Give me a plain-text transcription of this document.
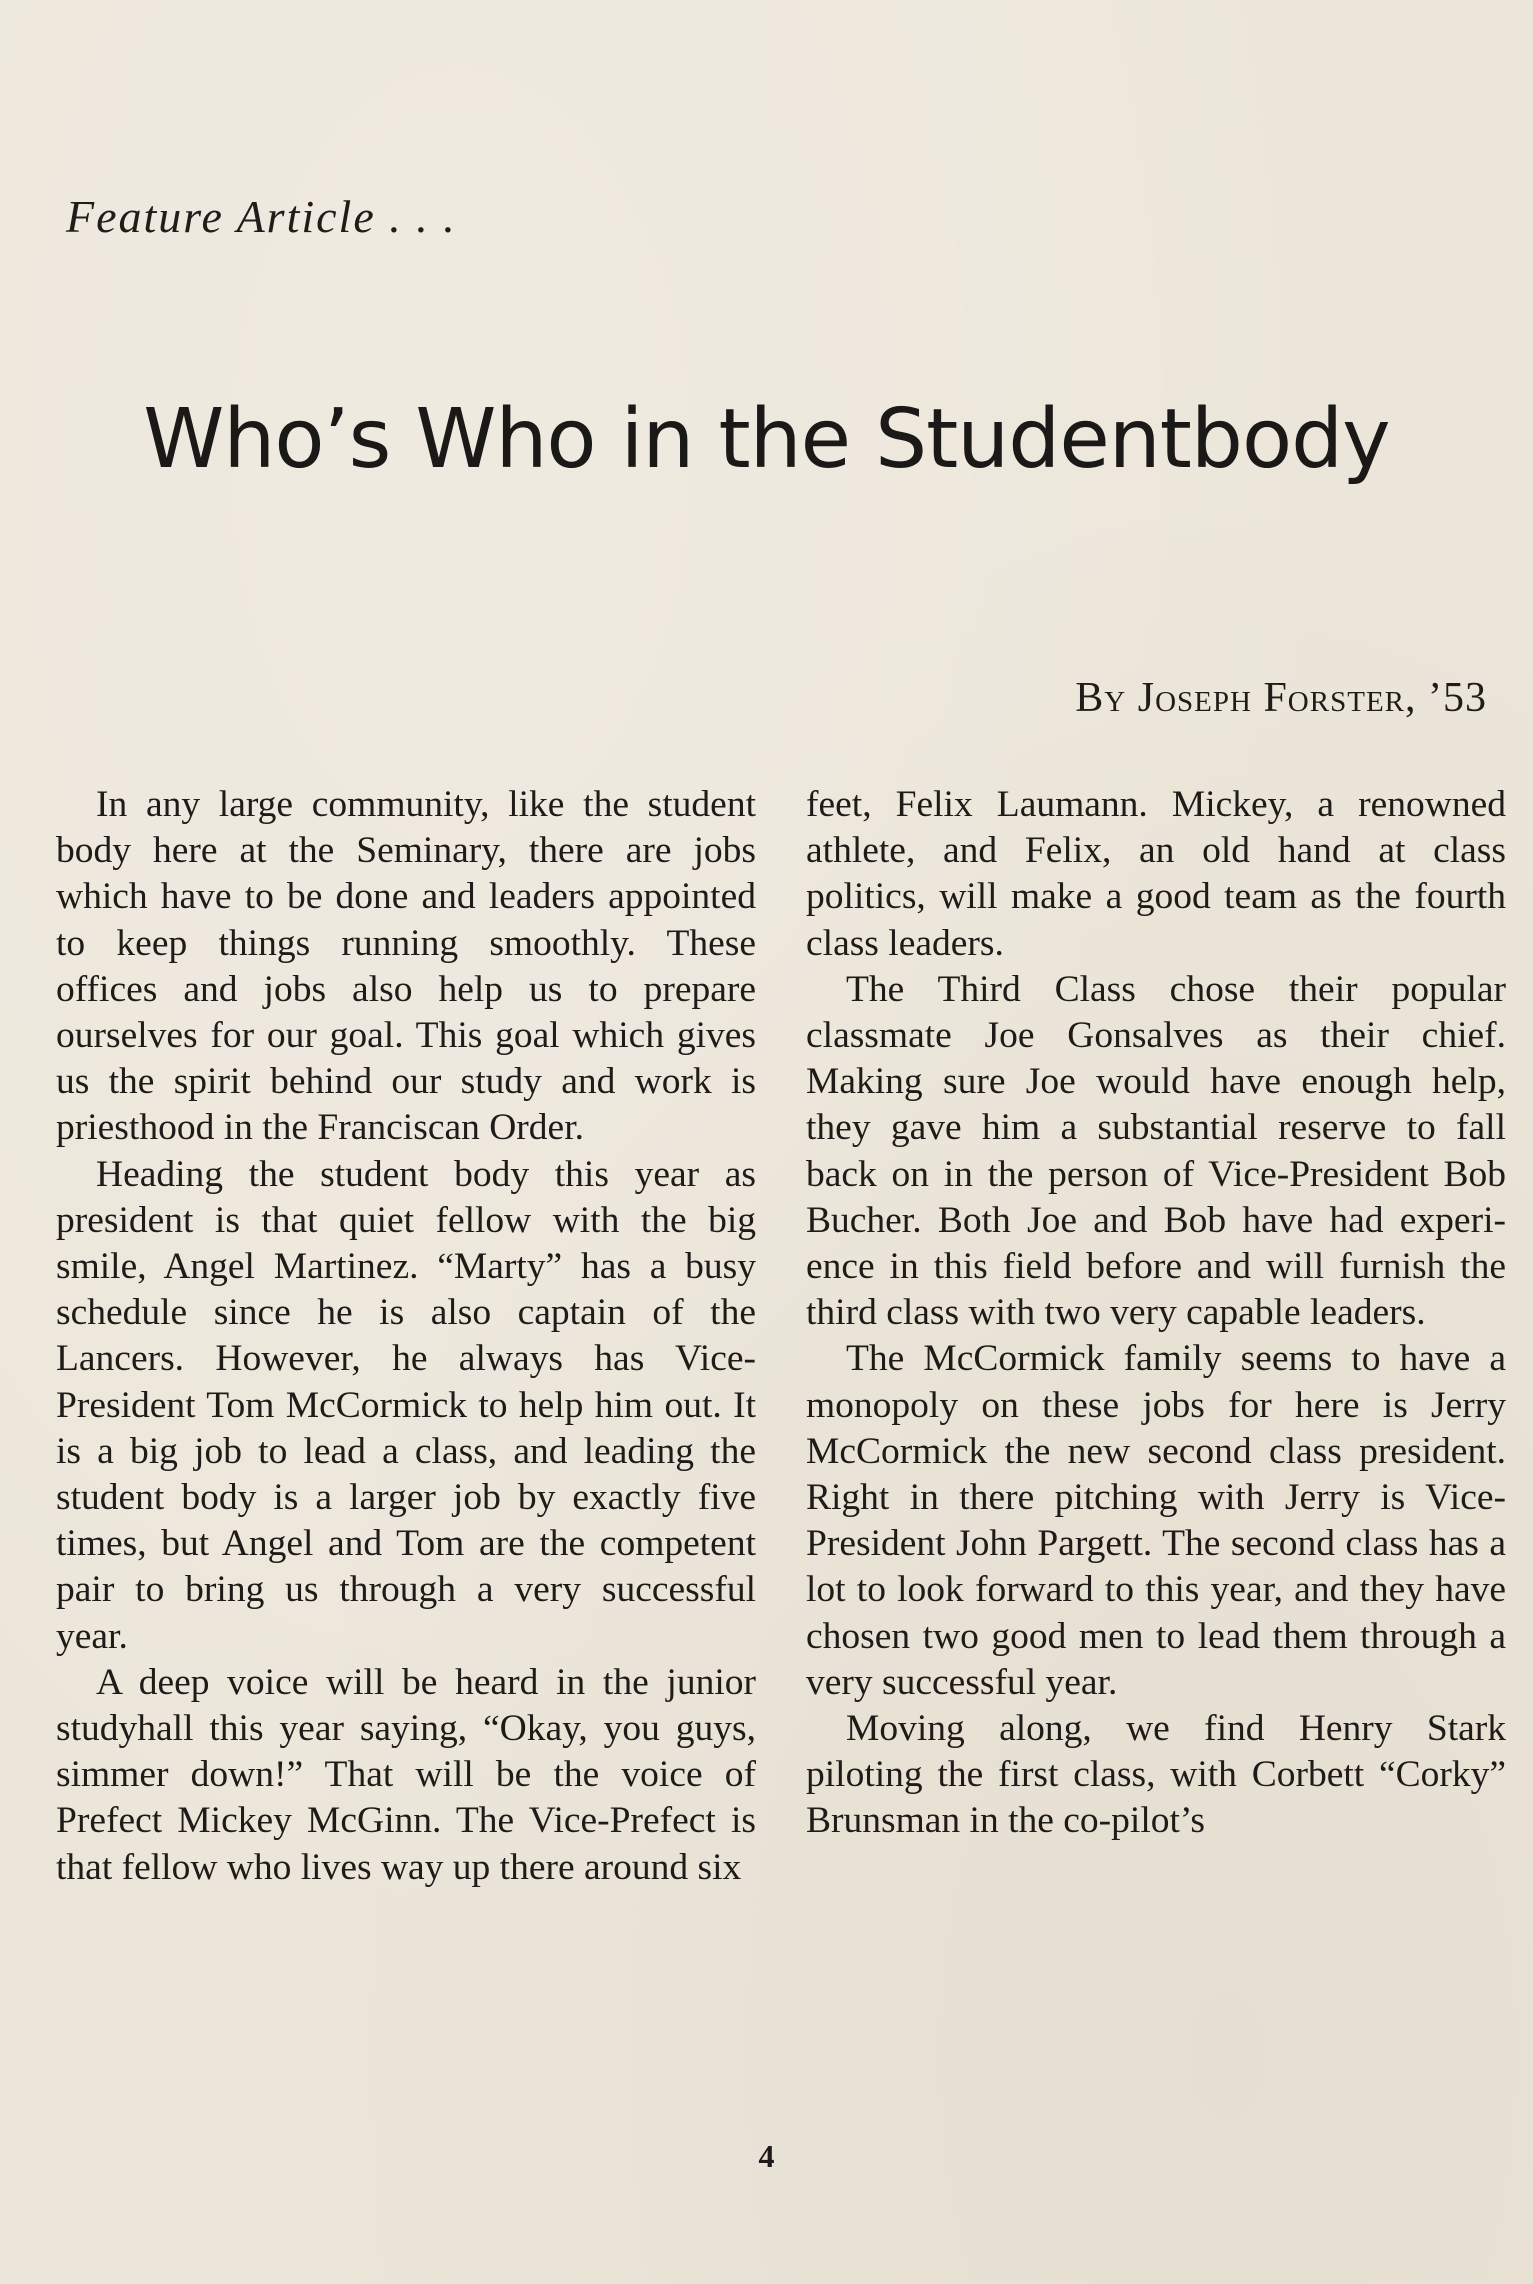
Feature Article . . .
Who’s Who in the Studentbody
By Joseph Forster, ’53

In any large community, like the student body here at the Seminary, there are jobs which have to be done and leaders appointed to keep things running smoothly. These offices and jobs also help us to prepare ourselves for our goal. This goal which gives us the spirit behind our study and work is priesthood in the Franciscan Order.

Heading the student body this year as president is that quiet fellow with the big smile, Angel Martinez. “Marty” has a busy schedule since he is also captain of the Lancers. However, he always has Vice-President Tom McCormick to help him out. It is a big job to lead a class, and leading the student body is a larger job by exactly five times, but Angel and Tom are the competent pair to bring us through a very successful year.

A deep voice will be heard in the junior studyhall this year saying, “Okay, you guys, simmer down!” That will be the voice of Prefect Mickey McGinn. The Vice-Prefect is that fellow who lives way up there around six

feet, Felix Laumann. Mickey, a renowned athlete, and Felix, an old hand at class politics, will make a good team as the fourth class leaders.

The Third Class chose their popular classmate Joe Gonsalves as their chief. Making sure Joe would have enough help, they gave him a substantial reserve to fall back on in the person of Vice-President Bob Bucher. Both Joe and Bob have had experience in this field before and will furnish the third class with two very capable leaders.

The McCormick family seems to have a monopoly on these jobs for here is Jerry McCormick the new second class president. Right in there pitching with Jerry is Vice-President John Pargett. The second class has a lot to look forward to this year, and they have chosen two good men to lead them through a very successful year.

Moving along, we find Henry Stark piloting the first class, with Corbett “Corky” Brunsman in the co-pilot’s

4
